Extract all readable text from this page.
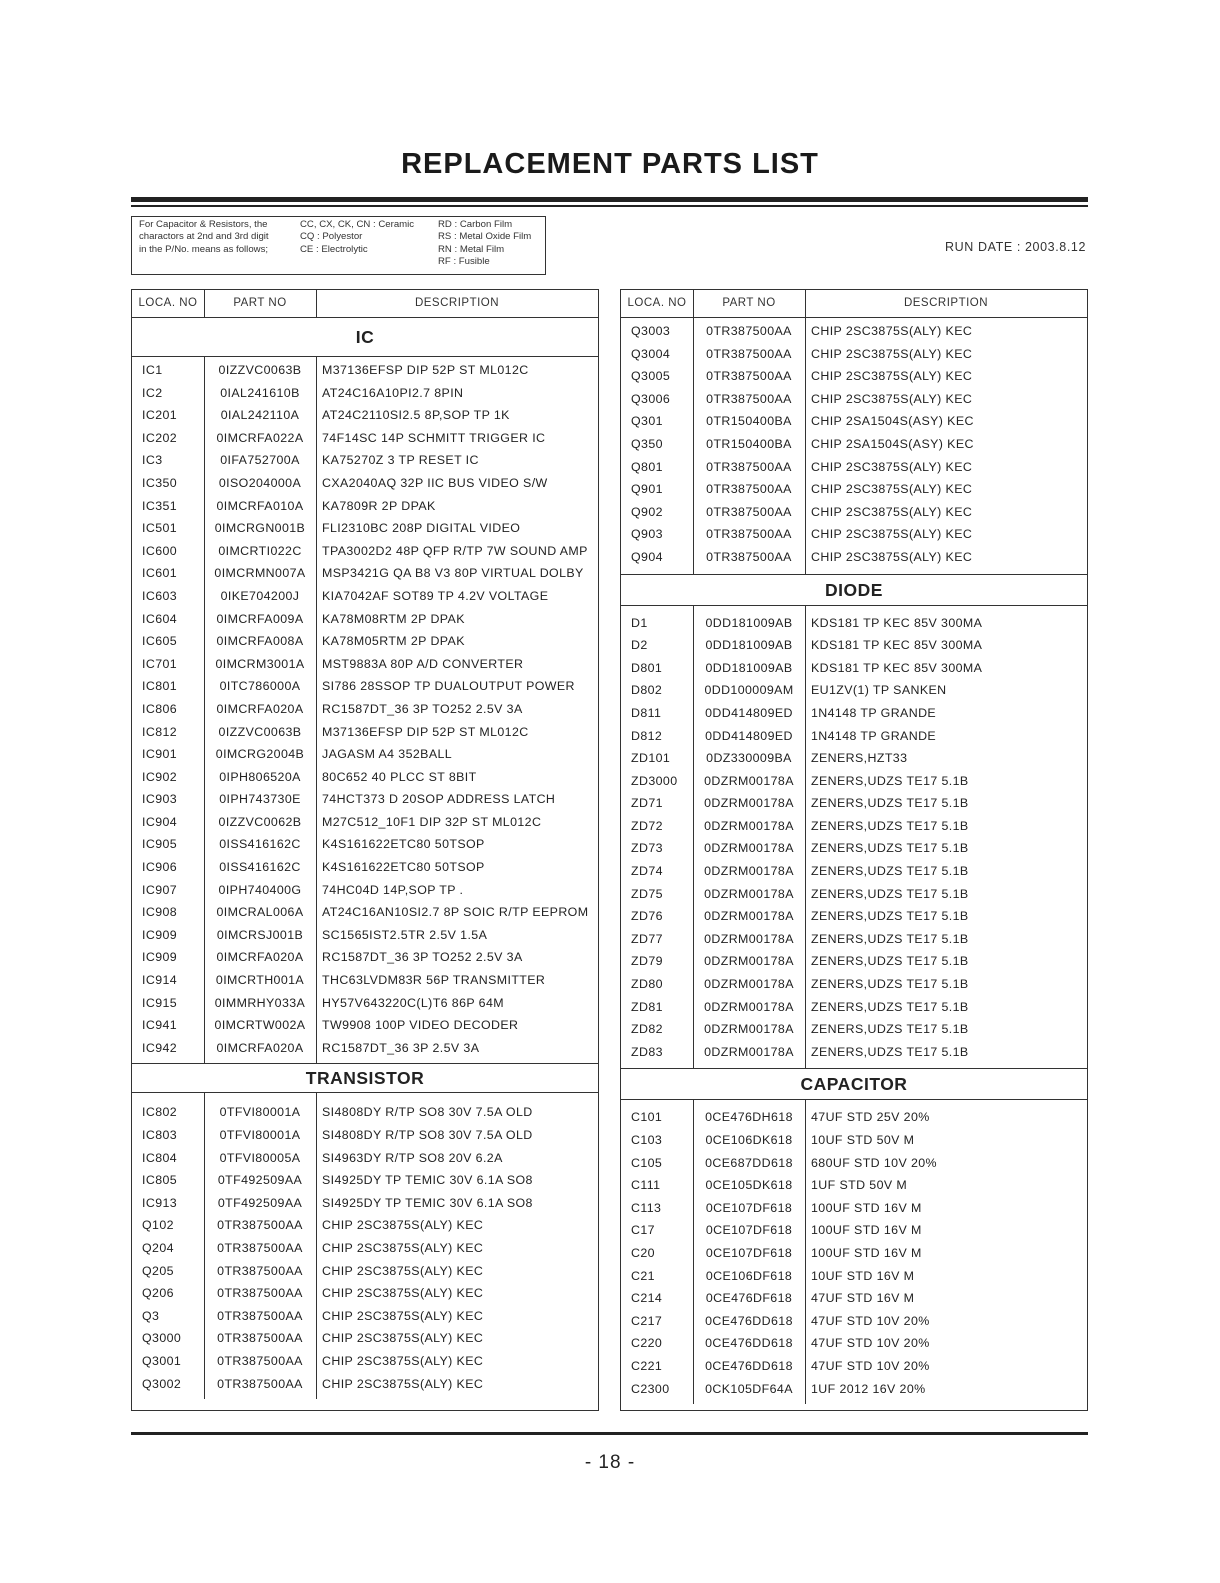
REPLACEMENT PARTS LIST
For Capacitor & Resistors, the
charactors at 2nd and 3rd digit
in the P/No. means as follows;
CC, CX, CK, CN : Ceramic
CQ : Polyestor
CE : Electrolytic
RD : Carbon Film
RS : Metal Oxide Film
RN : Metal Film
RF : Fusible
RUN DATE : 2003.8.12
LOCA. NO	PART NO	DESCRIPTION
IC
IC1	0IZZVC0063B	M37136EFSP DIP 52P ST ML012C
IC2	0IAL241610B	AT24C16A10PI2.7 8PIN
IC201	0IAL242110A	AT24C2110SI2.5 8P,SOP TP 1K
IC202	0IMCRFA022A	74F14SC 14P SCHMITT TRIGGER IC
IC3	0IFA752700A	KA75270Z 3 TP RESET IC
IC350	0ISO204000A	CXA2040AQ 32P IIC BUS VIDEO S/W
IC351	0IMCRFA010A	KA7809R 2P DPAK
IC501	0IMCRGN001B	FLI2310BC 208P DIGITAL VIDEO
IC600	0IMCRTI022C	TPA3002D2 48P QFP R/TP 7W SOUND AMP
IC601	0IMCRMN007A	MSP3421G QA B8 V3 80P VIRTUAL DOLBY
IC603	0IKE704200J	KIA7042AF SOT89 TP 4.2V VOLTAGE
IC604	0IMCRFA009A	KA78M08RTM 2P DPAK
IC605	0IMCRFA008A	KA78M05RTM 2P DPAK
IC701	0IMCRM3001A	MST9883A 80P A/D CONVERTER
IC801	0ITC786000A	SI786 28SSOP TP DUALOUTPUT POWER
IC806	0IMCRFA020A	RC1587DT_36 3P TO252 2.5V 3A
IC812	0IZZVC0063B	M37136EFSP DIP 52P ST ML012C
IC901	0IMCRG2004B	JAGASM A4 352BALL
IC902	0IPH806520A	80C652 40 PLCC ST 8BIT
IC903	0IPH743730E	74HCT373 D 20SOP ADDRESS LATCH
IC904	0IZZVC0062B	M27C512_10F1 DIP 32P ST ML012C
IC905	0ISS416162C	K4S161622ETC80 50TSOP
IC906	0ISS416162C	K4S161622ETC80 50TSOP
IC907	0IPH740400G	74HC04D 14P,SOP TP .
IC908	0IMCRAL006A	AT24C16AN10SI2.7 8P SOIC R/TP EEPROM
IC909	0IMCRSJ001B	SC1565IST2.5TR 2.5V 1.5A
IC909	0IMCRFA020A	RC1587DT_36 3P TO252 2.5V 3A
IC914	0IMCRTH001A	THC63LVDM83R 56P TRANSMITTER
IC915	0IMMRHY033A	HY57V643220C(L)T6 86P 64M
IC941	0IMCRTW002A	TW9908 100P VIDEO DECODER
IC942	0IMCRFA020A	RC1587DT_36 3P 2.5V 3A
TRANSISTOR
IC802	0TFVI80001A	SI4808DY R/TP SO8 30V 7.5A OLD
IC803	0TFVI80001A	SI4808DY R/TP SO8 30V 7.5A OLD
IC804	0TFVI80005A	SI4963DY R/TP SO8 20V 6.2A
IC805	0TF492509AA	SI4925DY TP TEMIC 30V 6.1A SO8
IC913	0TF492509AA	SI4925DY TP TEMIC 30V 6.1A SO8
Q102	0TR387500AA	CHIP 2SC3875S(ALY) KEC
Q204	0TR387500AA	CHIP 2SC3875S(ALY) KEC
Q205	0TR387500AA	CHIP 2SC3875S(ALY) KEC
Q206	0TR387500AA	CHIP 2SC3875S(ALY) KEC
Q3	0TR387500AA	CHIP 2SC3875S(ALY) KEC
Q3000	0TR387500AA	CHIP 2SC3875S(ALY) KEC
Q3001	0TR387500AA	CHIP 2SC3875S(ALY) KEC
Q3002	0TR387500AA	CHIP 2SC3875S(ALY) KEC
LOCA. NO	PART NO	DESCRIPTION
Q3003	0TR387500AA	CHIP 2SC3875S(ALY) KEC
Q3004	0TR387500AA	CHIP 2SC3875S(ALY) KEC
Q3005	0TR387500AA	CHIP 2SC3875S(ALY) KEC
Q3006	0TR387500AA	CHIP 2SC3875S(ALY) KEC
Q301	0TR150400BA	CHIP 2SA1504S(ASY) KEC
Q350	0TR150400BA	CHIP 2SA1504S(ASY) KEC
Q801	0TR387500AA	CHIP 2SC3875S(ALY) KEC
Q901	0TR387500AA	CHIP 2SC3875S(ALY) KEC
Q902	0TR387500AA	CHIP 2SC3875S(ALY) KEC
Q903	0TR387500AA	CHIP 2SC3875S(ALY) KEC
Q904	0TR387500AA	CHIP 2SC3875S(ALY) KEC
DIODE
D1	0DD181009AB	KDS181 TP KEC 85V 300MA
D2	0DD181009AB	KDS181 TP KEC 85V 300MA
D801	0DD181009AB	KDS181 TP KEC 85V 300MA
D802	0DD100009AM	EU1ZV(1) TP SANKEN
D811	0DD414809ED	1N4148 TP GRANDE
D812	0DD414809ED	1N4148 TP GRANDE
ZD101	0DZ330009BA	ZENERS,HZT33
ZD3000	0DZRM00178A	ZENERS,UDZS TE17 5.1B
ZD71	0DZRM00178A	ZENERS,UDZS TE17 5.1B
ZD72	0DZRM00178A	ZENERS,UDZS TE17 5.1B
ZD73	0DZRM00178A	ZENERS,UDZS TE17 5.1B
ZD74	0DZRM00178A	ZENERS,UDZS TE17 5.1B
ZD75	0DZRM00178A	ZENERS,UDZS TE17 5.1B
ZD76	0DZRM00178A	ZENERS,UDZS TE17 5.1B
ZD77	0DZRM00178A	ZENERS,UDZS TE17 5.1B
ZD79	0DZRM00178A	ZENERS,UDZS TE17 5.1B
ZD80	0DZRM00178A	ZENERS,UDZS TE17 5.1B
ZD81	0DZRM00178A	ZENERS,UDZS TE17 5.1B
ZD82	0DZRM00178A	ZENERS,UDZS TE17 5.1B
ZD83	0DZRM00178A	ZENERS,UDZS TE17 5.1B
CAPACITOR
C101	0CE476DH618	47UF STD 25V 20%
C103	0CE106DK618	10UF STD 50V M
C105	0CE687DD618	680UF STD 10V 20%
C111	0CE105DK618	1UF STD 50V M
C113	0CE107DF618	100UF STD 16V M
C17	0CE107DF618	100UF STD 16V M
C20	0CE107DF618	100UF STD 16V M
C21	0CE106DF618	10UF STD 16V M
C214	0CE476DF618	47UF STD 16V M
C217	0CE476DD618	47UF STD 10V 20%
C220	0CE476DD618	47UF STD 10V 20%
C221	0CE476DD618	47UF STD 10V 20%
C2300	0CK105DF64A	1UF 2012 16V 20%
- 18 -
